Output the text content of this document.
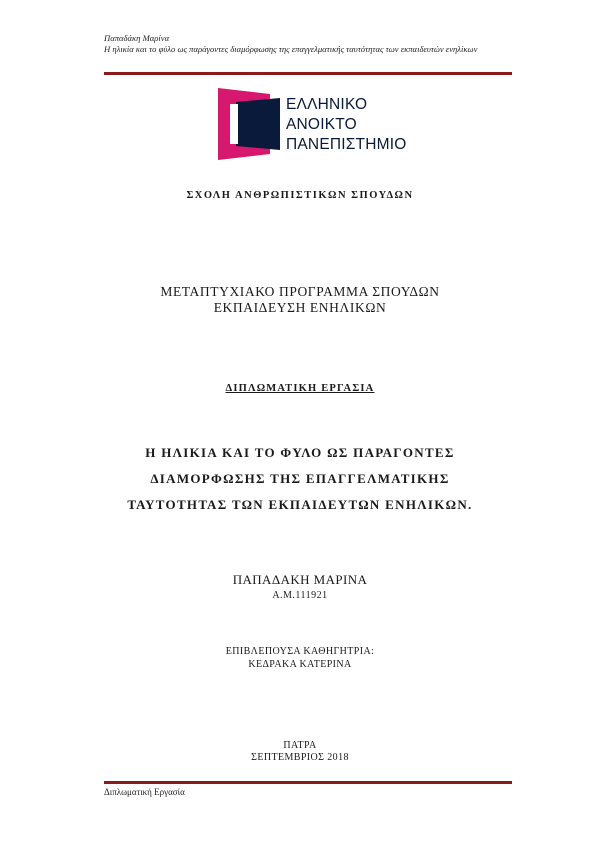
Παπαδάκη Μαρίνα
Η ηλικία και το φύλο ως παράγοντες διαμόρφωσης της επαγγελματικής ταυτότητας των εκπαιδευτών ενηλίκων
ΕΛΛΗΝΙΚΟ
ΑΝΟΙΚΤΟ
ΠΑΝΕΠΙΣΤΗΜΙΟ
ΣΧΟΛΗ ΑΝΘΡΩΠΙΣΤΙΚΩΝ ΣΠΟΥΔΩΝ
ΜΕΤΑΠΤΥΧΙΑΚΟ ΠΡΟΓΡΑΜΜΑ ΣΠΟΥΔΩΝ
ΕΚΠΑΙΔΕΥΣΗ ΕΝΗΛΙΚΩΝ
ΔΙΠΛΩΜΑΤΙΚΗ ΕΡΓΑΣΙΑ
Η ΗΛΙΚΙΑ ΚΑΙ ΤΟ ΦΥΛΟ ΩΣ ΠΑΡΑΓΟΝΤΕΣ
ΔΙΑΜΟΡΦΩΣΗΣ ΤΗΣ ΕΠΑΓΓΕΛΜΑΤΙΚΗΣ
ΤΑΥΤΟΤΗΤΑΣ ΤΩΝ ΕΚΠΑΙΔΕΥΤΩΝ ΕΝΗΛΙΚΩΝ.
ΠΑΠΑΔΑΚΗ ΜΑΡΙΝΑ
Α.Μ.111921
ΕΠΙΒΛΕΠΟΥΣΑ ΚΑΘΗΓΗΤΡΙΑ:
ΚΕΔΡΑΚΑ ΚΑΤΕΡΙΝΑ
ΠΑΤΡΑ
ΣΕΠΤΕΜΒΡΙΟΣ 2018
Διπλωματική Εργασία
